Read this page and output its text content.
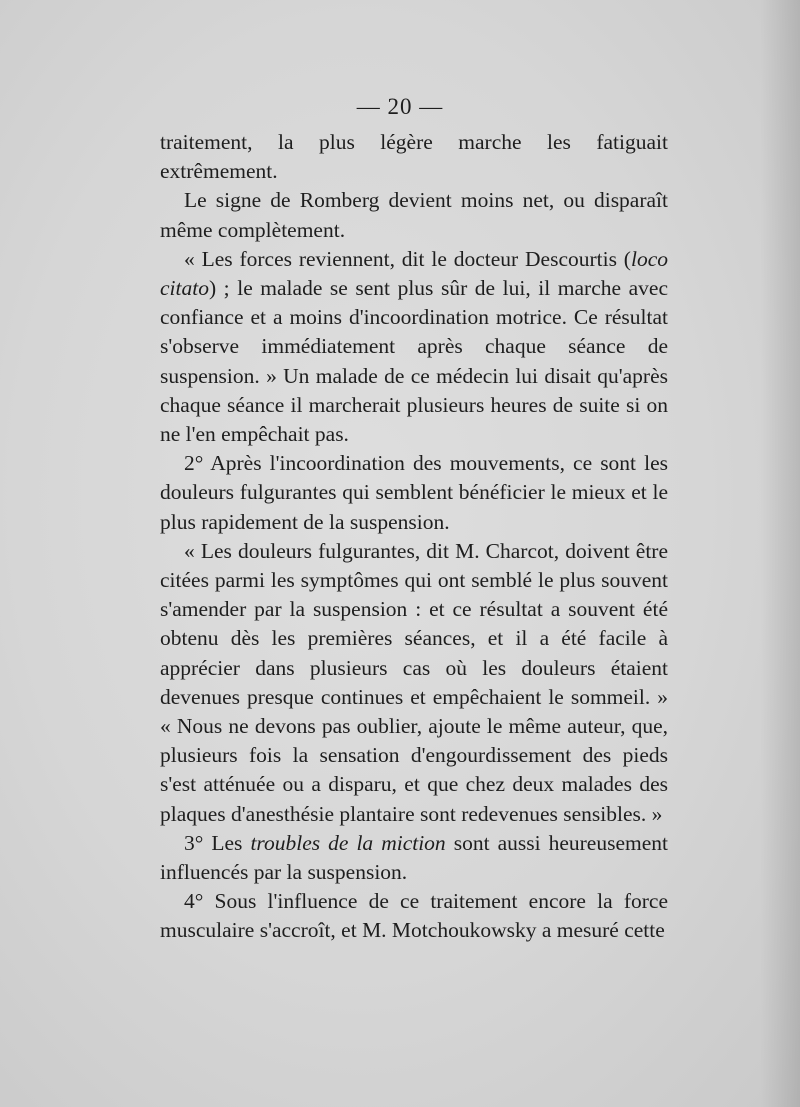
— 20 —

traitement, la plus légère marche les fatiguait extrêmement.

Le signe de Romberg devient moins net, ou disparaît même complètement.

« Les forces reviennent, dit le docteur Descourtis (loco citato) ; le malade se sent plus sûr de lui, il marche avec confiance et a moins d'incoordination motrice. Ce résultat s'observe immédiatement après chaque séance de suspension. » Un malade de ce médecin lui disait qu'après chaque séance il marcherait plusieurs heures de suite si on ne l'en empêchait pas.

2° Après l'incoordination des mouvements, ce sont les douleurs fulgurantes qui semblent bénéficier le mieux et le plus rapidement de la suspension.

« Les douleurs fulgurantes, dit M. Charcot, doivent être citées parmi les symptômes qui ont semblé le plus souvent s'amender par la suspension : et ce résultat a souvent été obtenu dès les premières séances, et il a été facile à apprécier dans plusieurs cas où les douleurs étaient devenues presque continues et empêchaient le sommeil. » « Nous ne devons pas oublier, ajoute le même auteur, que, plusieurs fois la sensation d'engourdissement des pieds s'est atténuée ou a disparu, et que chez deux malades des plaques d'anesthésie plantaire sont redevenues sensibles. »

3° Les troubles de la miction sont aussi heureusement influencés par la suspension.

4° Sous l'influence de ce traitement encore la force musculaire s'accroît, et M. Motchoukowsky a mesuré cette
